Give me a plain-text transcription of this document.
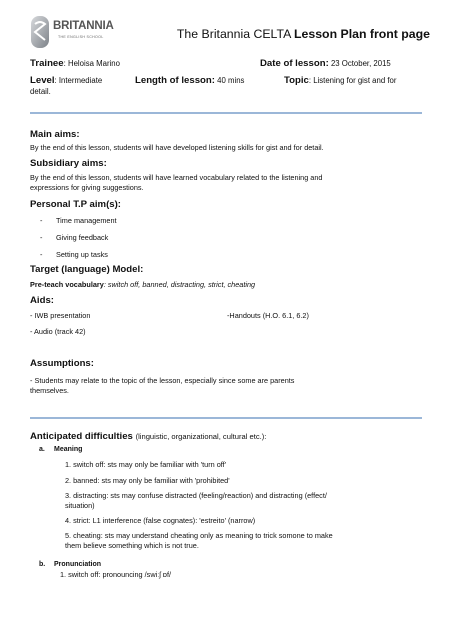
BRITANNIA
THE ENGLISH SCHOOL	The Britannia CELTA Lesson Plan front page
Trainee: Heloisa Marino	Date of lesson: 23 October, 2015
Level: Intermediate	Length of lesson: 40 mins	Topic: Listening for gist and for
detail.
Main aims:
By the end of this lesson, students will have developed listening skills for gist and for detail.
Subsidiary aims:
By the end of this lesson, students will have learned vocabulary related to the listening and
expressions for giving suggestions.
Personal T.P aim(s):
- Time management
- Giving feedback
- Setting up tasks
Target (language) Model:
Pre-teach vocabulary: switch off, banned, distracting, strict, cheating
Aids:
- IWB presentation	-Handouts (H.O. 6.1, 6.2)
- Audio (track 42)
Assumptions:
- Students may relate to the topic of the lesson, especially since some are parents
themselves.
Anticipated difficulties (linguistic, organizational, cultural etc.):
a. Meaning
1. switch off: sts may only be familiar with 'turn off'
2. banned: sts may only be familiar with 'prohibited'
3. distracting: sts may confuse distracted (feeling/reaction) and distracting (effect/
situation)
4. strict: L1 interference (false cognates): 'estreito' (narrow)
5. cheating: sts may understand cheating only as meaning to trick somone to make
them believe something which is not true.
b. Pronunciation
1. switch off: pronouncing /swiːʃ ɒf/
